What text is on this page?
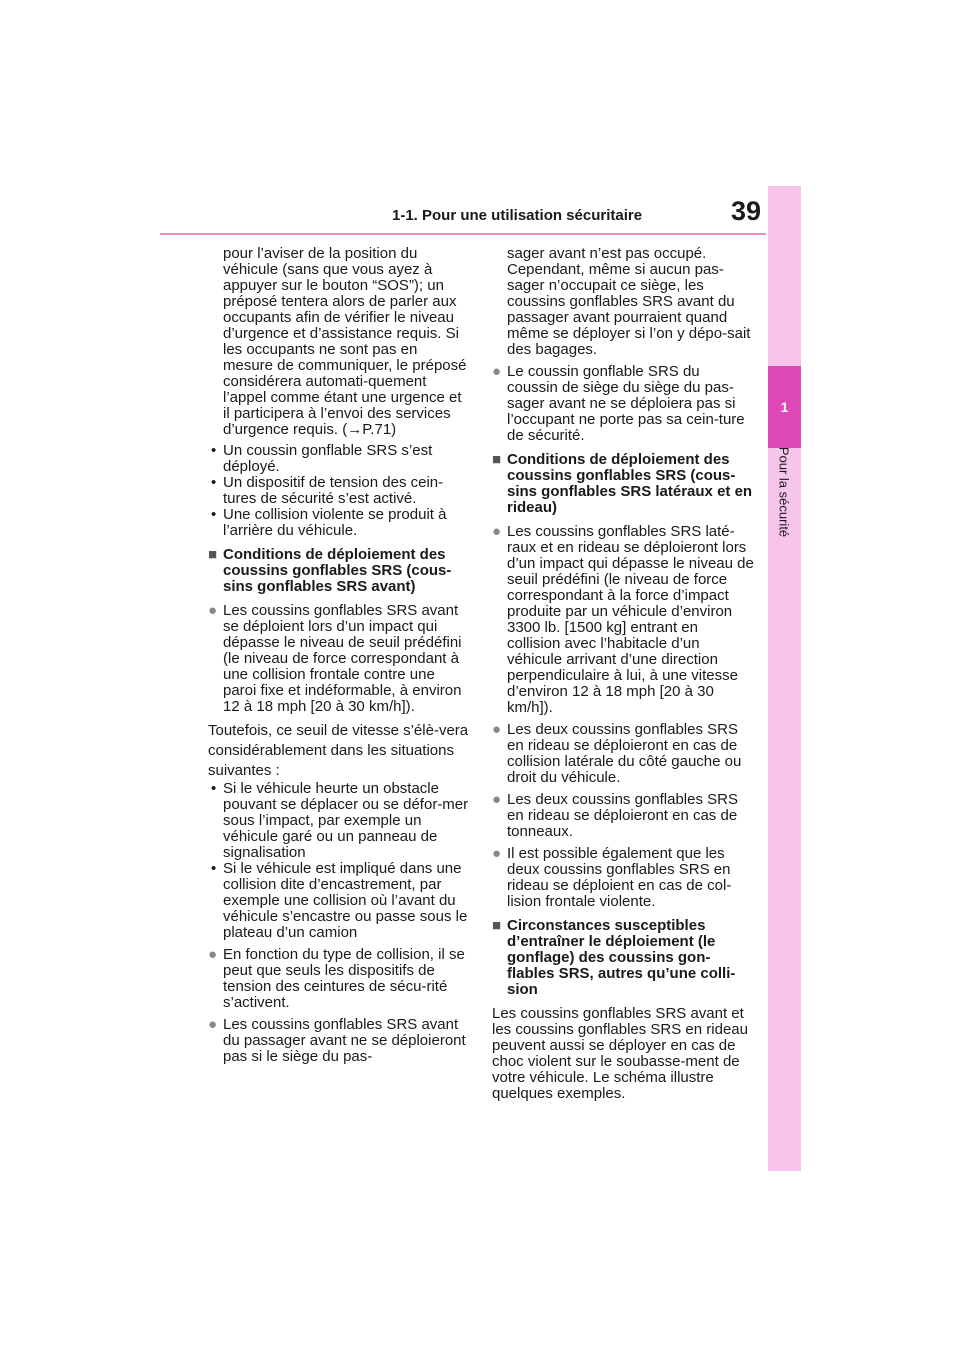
1-1. Pour une utilisation sécuritaire	39
1
Pour la sécurité
pour l’aviser de la position du véhicule (sans que vous ayez à appuyer sur le bouton “SOS”); un préposé tentera alors de parler aux occupants afin de vérifier le niveau d’urgence et d’assistance requis. Si les occupants ne sont pas en mesure de communiquer, le préposé considérera automati-quement l’appel comme étant une urgence et il participera à l’envoi des services d’urgence requis. (→P.71)
• Un coussin gonflable SRS s’est déployé.
• Un dispositif de tension des cein-tures de sécurité s’est activé.
• Une collision violente se produit à l’arrière du véhicule.
■ Conditions de déploiement des coussins gonflables SRS (cous-sins gonflables SRS avant)
● Les coussins gonflables SRS avant se déploient lors d’un impact qui dépasse le niveau de seuil prédéfini (le niveau de force correspondant à une collision frontale contre une paroi fixe et indéformable, à environ 12 à 18 mph [20 à 30 km/h]).
Toutefois, ce seuil de vitesse s’élè-vera considérablement dans les situations suivantes :
• Si le véhicule heurte un obstacle pouvant se déplacer ou se défor-mer sous l’impact, par exemple un véhicule garé ou un panneau de signalisation
• Si le véhicule est impliqué dans une collision dite d’encastrement, par exemple une collision où l’avant du véhicule s’encastre ou passe sous le plateau d’un camion
● En fonction du type de collision, il se peut que seuls les dispositifs de tension des ceintures de sécu-rité s’activent.
● Les coussins gonflables SRS avant du passager avant ne se déploieront pas si le siège du pas-
sager avant n’est pas occupé. Cependant, même si aucun pas-sager n’occupait ce siège, les coussins gonflables SRS avant du passager avant pourraient quand même se déployer si l’on y dépo-sait des bagages.
● Le coussin gonflable SRS du coussin de siège du siège du pas-sager avant ne se déploiera pas si l’occupant ne porte pas sa cein-ture de sécurité.
■ Conditions de déploiement des coussins gonflables SRS (cous-sins gonflables SRS latéraux et en rideau)
● Les coussins gonflables SRS laté-raux et en rideau se déploieront lors d’un impact qui dépasse le niveau de seuil prédéfini (le niveau de force correspondant à la force d’impact produite par un véhicule d’environ 3300 lb. [1500 kg] entrant en collision avec l’habitacle d’un véhicule arrivant d’une direction perpendiculaire à lui, à une vitesse d’environ 12 à 18 mph [20 à 30 km/h]).
● Les deux coussins gonflables SRS en rideau se déploieront en cas de collision latérale du côté gauche ou droit du véhicule.
● Les deux coussins gonflables SRS en rideau se déploieront en cas de tonneaux.
● Il est possible également que les deux coussins gonflables SRS en rideau se déploient en cas de col-lision frontale violente.
■ Circonstances susceptibles d’entraîner le déploiement (le gonflage) des coussins gon-flables SRS, autres qu’une colli-sion
Les coussins gonflables SRS avant et les coussins gonflables SRS en rideau peuvent aussi se déployer en cas de choc violent sur le soubasse-ment de votre véhicule. Le schéma illustre quelques exemples.
